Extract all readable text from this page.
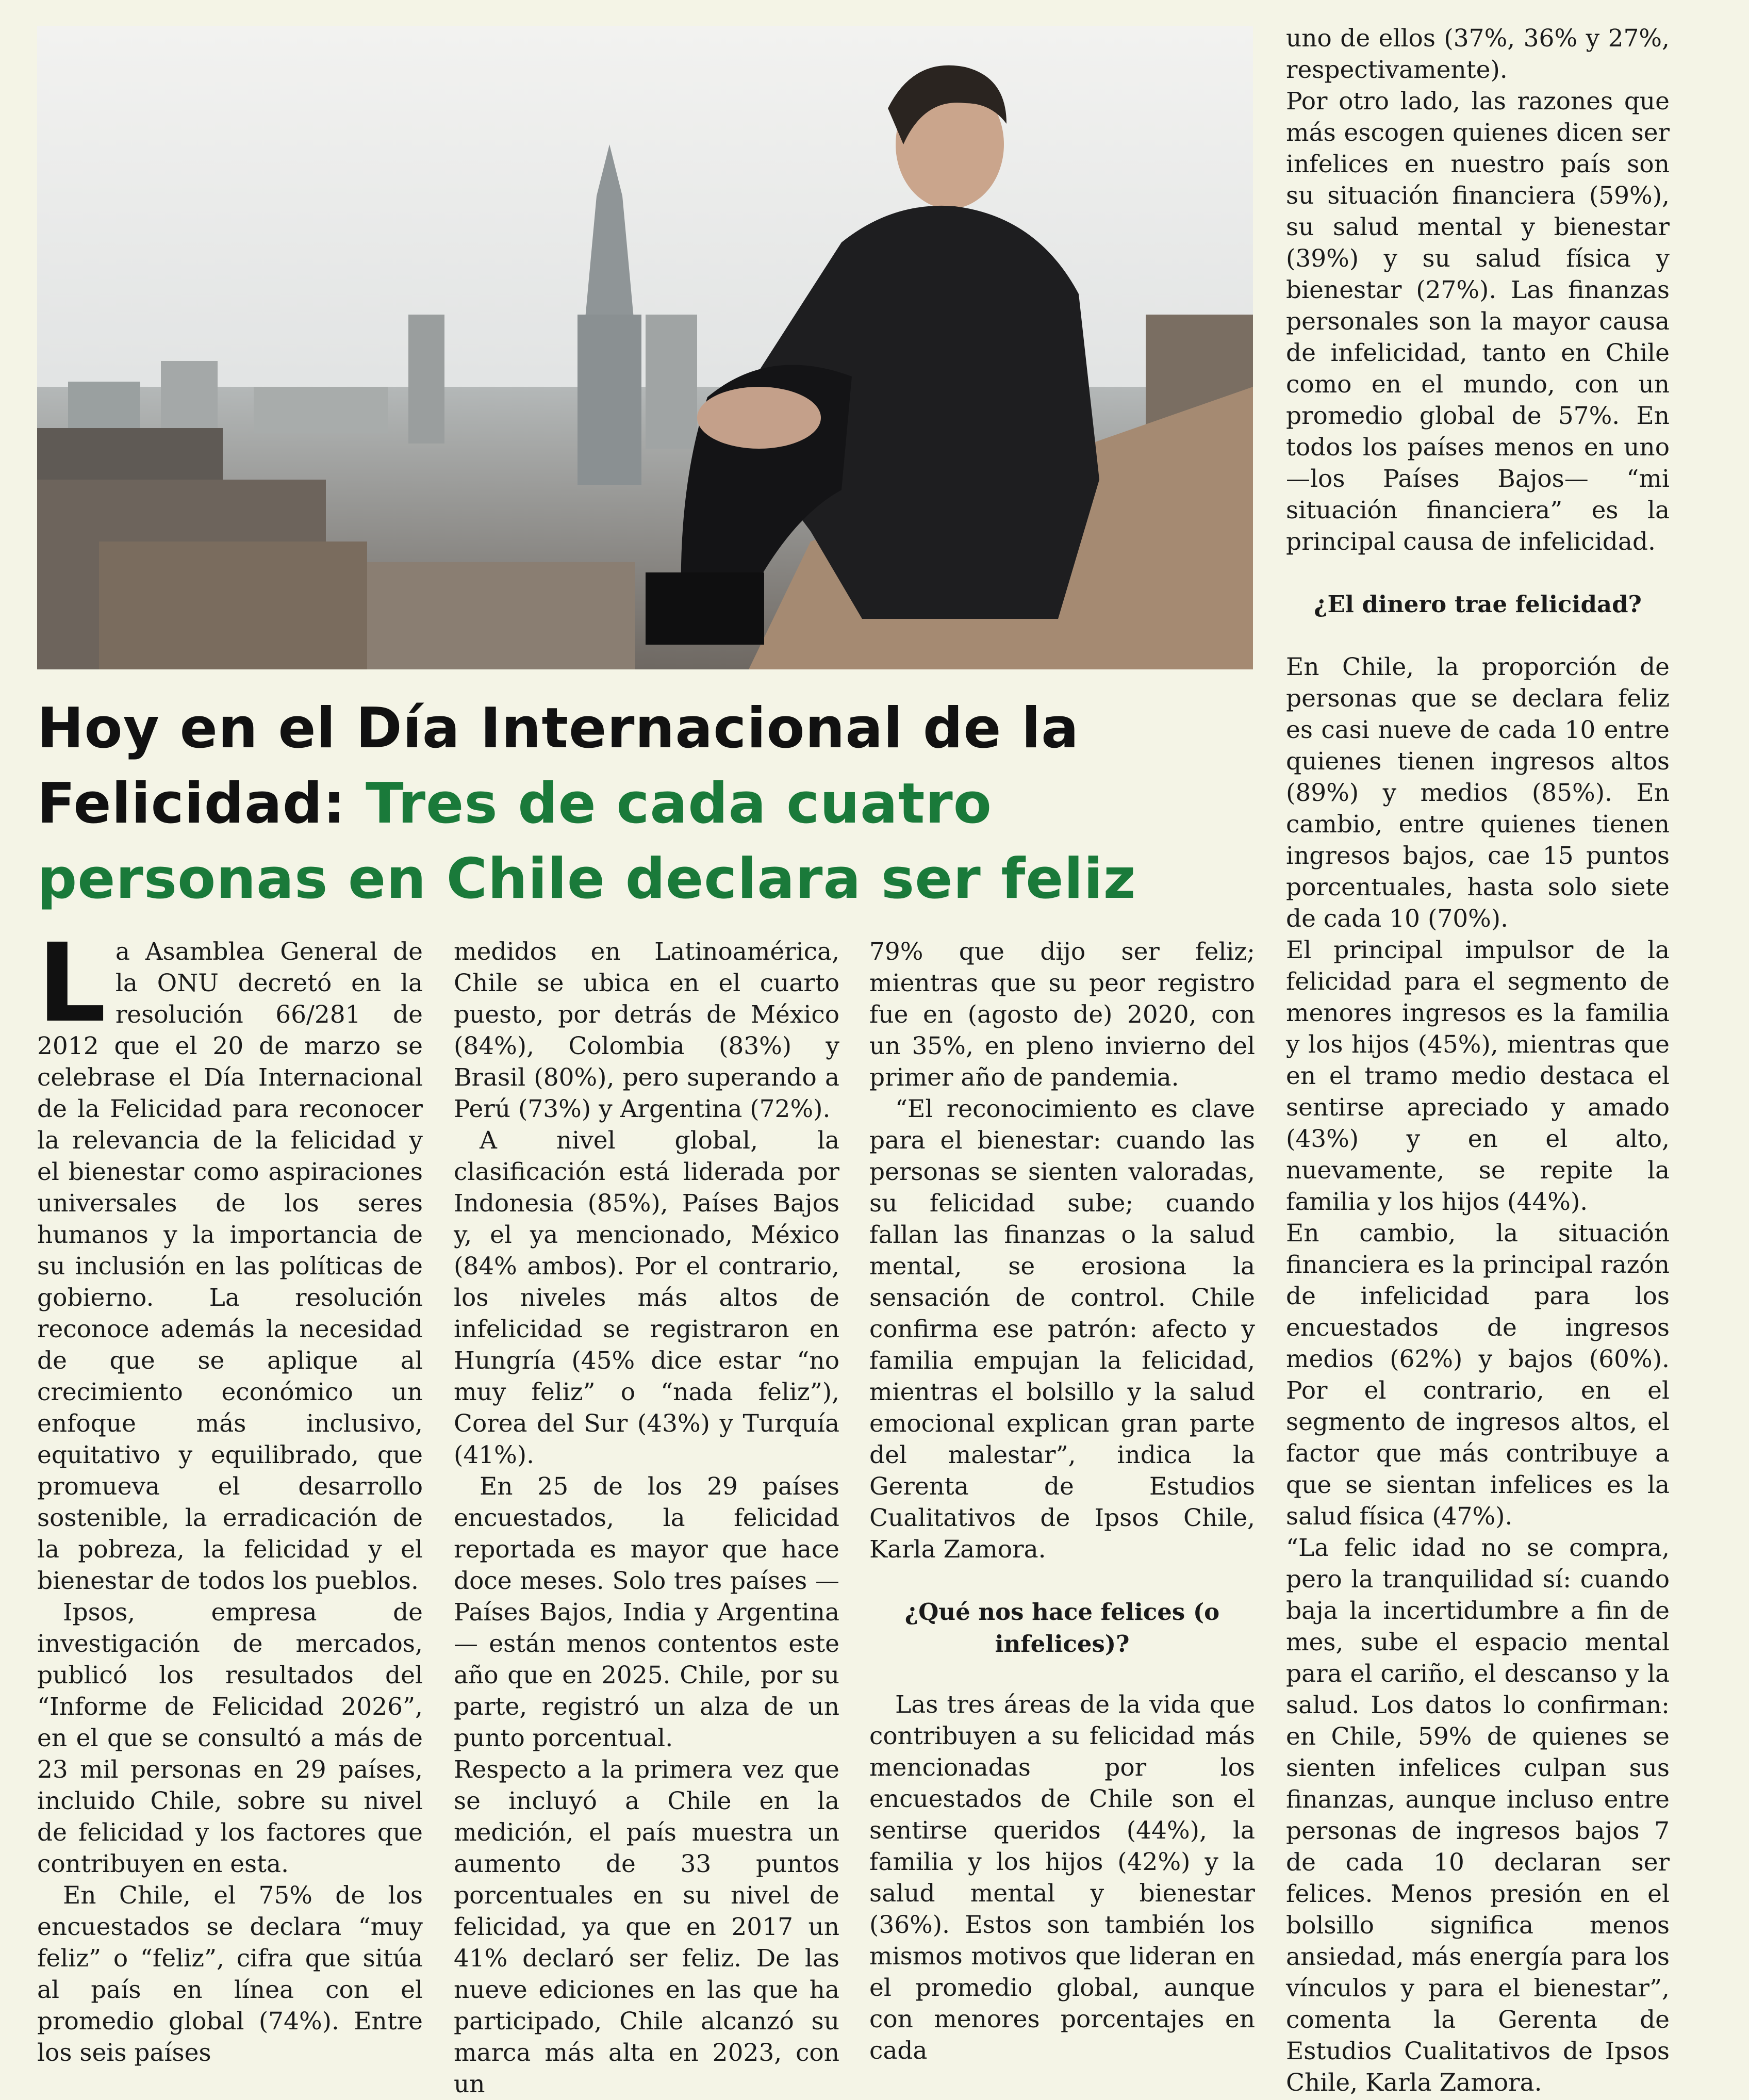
Hoy en el Día Internacional de la Felicidad: Tres de cada cuatro personas en Chile declara ser feliz

La Asamblea General de la ONU decretó en la resolución 66/281 de 2012 que el 20 de marzo se celebrase el Día Internacional de la Felicidad para reconocer la relevancia de la felicidad y el bienestar como aspiraciones universales de los seres humanos y la importancia de su inclusión en las políticas de gobierno. La resolución reconoce además la necesidad de que se aplique al crecimiento económico un enfoque más inclusivo, equitativo y equilibrado, que promueva el desarrollo sostenible, la erradicación de la pobreza, la felicidad y el bienestar de todos los pueblos.

Ipsos, empresa de investigación de mercados, publicó los resultados del “Informe de Felicidad 2026”, en el que se consultó a más de 23 mil personas en 29 países, incluido Chile, sobre su nivel de felicidad y los factores que contribuyen en esta.

En Chile, el 75% de los encuestados se declara “muy feliz” o “feliz”, cifra que sitúa al país en línea con el promedio global (74%). Entre los seis países

medidos en Latinoamérica, Chile se ubica en el cuarto puesto, por detrás de México (84%), Colombia (83%) y Brasil (80%), pero superando a Perú (73%) y Argentina (72%).

A nivel global, la clasificación está liderada por Indonesia (85%), Países Bajos y, el ya mencionado, México (84% ambos). Por el contrario, los niveles más altos de infelicidad se registraron en Hungría (45% dice estar “no muy feliz” o “nada feliz”), Corea del Sur (43%) y Turquía (41%).

En 25 de los 29 países encuestados, la felicidad reportada es mayor que hace doce meses. Solo tres países —Países Bajos, India y Argentina— están menos contentos este año que en 2025. Chile, por su parte, registró un alza de un punto porcentual.

Respecto a la primera vez que se incluyó a Chile en la medición, el país muestra un aumento de 33 puntos porcentuales en su nivel de felicidad, ya que en 2017 un 41% declaró ser feliz. De las nueve ediciones en las que ha participado, Chile alcanzó su marca más alta en 2023, con un

79% que dijo ser feliz; mientras que su peor registro fue en (agosto de) 2020, con un 35%, en pleno invierno del primer año de pandemia.

“El reconocimiento es clave para el bienestar: cuando las personas se sienten valoradas, su felicidad sube; cuando fallan las finanzas o la salud mental, se erosiona la sensación de control. Chile confirma ese patrón: afecto y familia empujan la felicidad, mientras el bolsillo y la salud emocional explican gran parte del malestar”, indica la Gerenta de Estudios Cualitativos de Ipsos Chile, Karla Zamora.

¿Qué nos hace felices (o infelices)?

Las tres áreas de la vida que contribuyen a su felicidad más mencionadas por los encuestados de Chile son el sentirse queridos (44%), la familia y los hijos (42%) y la salud mental y bienestar (36%). Estos son también los mismos motivos que lideran en el promedio global, aunque con menores porcentajes en cada

uno de ellos (37%, 36% y 27%, respectivamente).

Por otro lado, las razones que más escogen quienes dicen ser infelices en nuestro país son su situación financiera (59%), su salud mental y bienestar (39%) y su salud física y bienestar (27%). Las finanzas personales son la mayor causa de infelicidad, tanto en Chile como en el mundo, con un promedio global de 57%. En todos los países menos en uno —los Países Bajos— “mi situación financiera” es la principal causa de infelicidad.

¿El dinero trae felicidad?

En Chile, la proporción de personas que se declara feliz es casi nueve de cada 10 entre quienes tienen ingresos altos (89%) y medios (85%). En cambio, entre quienes tienen ingresos bajos, cae 15 puntos porcentuales, hasta solo siete de cada 10 (70%).

El principal impulsor de la felicidad para el segmento de menores ingresos es la familia y los hijos (45%), mientras que en el tramo medio destaca el sentirse apreciado y amado (43%) y en el alto, nuevamente, se repite la familia y los hijos (44%).

En cambio, la situación financiera es la principal razón de infelicidad para los encuestados de ingresos medios (62%) y bajos (60%). Por el contrario, en el segmento de ingresos altos, el factor que más contribuye a que se sientan infelices es la salud física (47%).

“La felic idad no se compra, pero la tranquilidad sí: cuando baja la incertidumbre a fin de mes, sube el espacio mental para el cariño, el descanso y la salud. Los datos lo confirman: en Chile, 59% de quienes se sienten infelices culpan sus finanzas, aunque incluso entre personas de ingresos bajos 7 de cada 10 declaran ser felices. Menos presión en el bolsillo significa menos ansiedad, más energía para los vínculos y para el bienestar”, comenta la Gerenta de Estudios Cualitativos de Ipsos Chile, Karla Zamora.
